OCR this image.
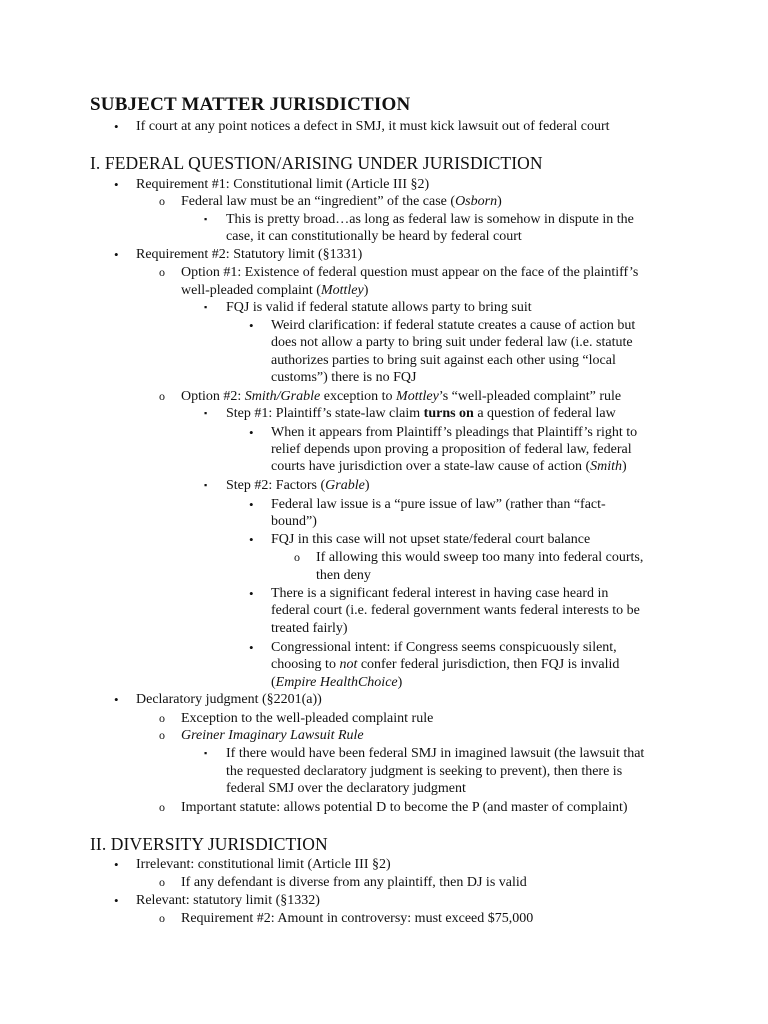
SUBJECT MATTER JURISDICTION
• If court at any point notices a defect in SMJ, it must kick lawsuit out of federal court
I. FEDERAL QUESTION/ARISING UNDER JURISDICTION
• Requirement #1: Constitutional limit (Article III §2)
o Federal law must be an “ingredient” of the case (Osborn)
▪ This is pretty broad…as long as federal law is somehow in dispute in the
case, it can constitutionally be heard by federal court
• Requirement #2: Statutory limit (§1331)
o Option #1: Existence of federal question must appear on the face of the plaintiff’s
well-pleaded complaint (Mottley)
▪ FQJ is valid if federal statute allows party to bring suit
• Weird clarification: if federal statute creates a cause of action but
does not allow a party to bring suit under federal law (i.e. statute
authorizes parties to bring suit against each other using “local
customs”) there is no FQJ
o Option #2: Smith/Grable exception to Mottley’s “well-pleaded complaint” rule
▪ Step #1: Plaintiff’s state-law claim turns on a question of federal law
• When it appears from Plaintiff’s pleadings that Plaintiff’s right to
relief depends upon proving a proposition of federal law, federal
courts have jurisdiction over a state-law cause of action (Smith)
▪ Step #2: Factors (Grable)
• Federal law issue is a “pure issue of law” (rather than “fact-
bound”)
• FQJ in this case will not upset state/federal court balance
o If allowing this would sweep too many into federal courts,
then deny
• There is a significant federal interest in having case heard in
federal court (i.e. federal government wants federal interests to be
treated fairly)
• Congressional intent: if Congress seems conspicuously silent,
choosing to not confer federal jurisdiction, then FQJ is invalid
(Empire HealthChoice)
• Declaratory judgment (§2201(a))
o Exception to the well-pleaded complaint rule
o Greiner Imaginary Lawsuit Rule
▪ If there would have been federal SMJ in imagined lawsuit (the lawsuit that
the requested declaratory judgment is seeking to prevent), then there is
federal SMJ over the declaratory judgment
o Important statute: allows potential D to become the P (and master of complaint)
II. DIVERSITY JURISDICTION
• Irrelevant: constitutional limit (Article III §2)
o If any defendant is diverse from any plaintiff, then DJ is valid
• Relevant: statutory limit (§1332)
o Requirement #2: Amount in controversy: must exceed $75,000
